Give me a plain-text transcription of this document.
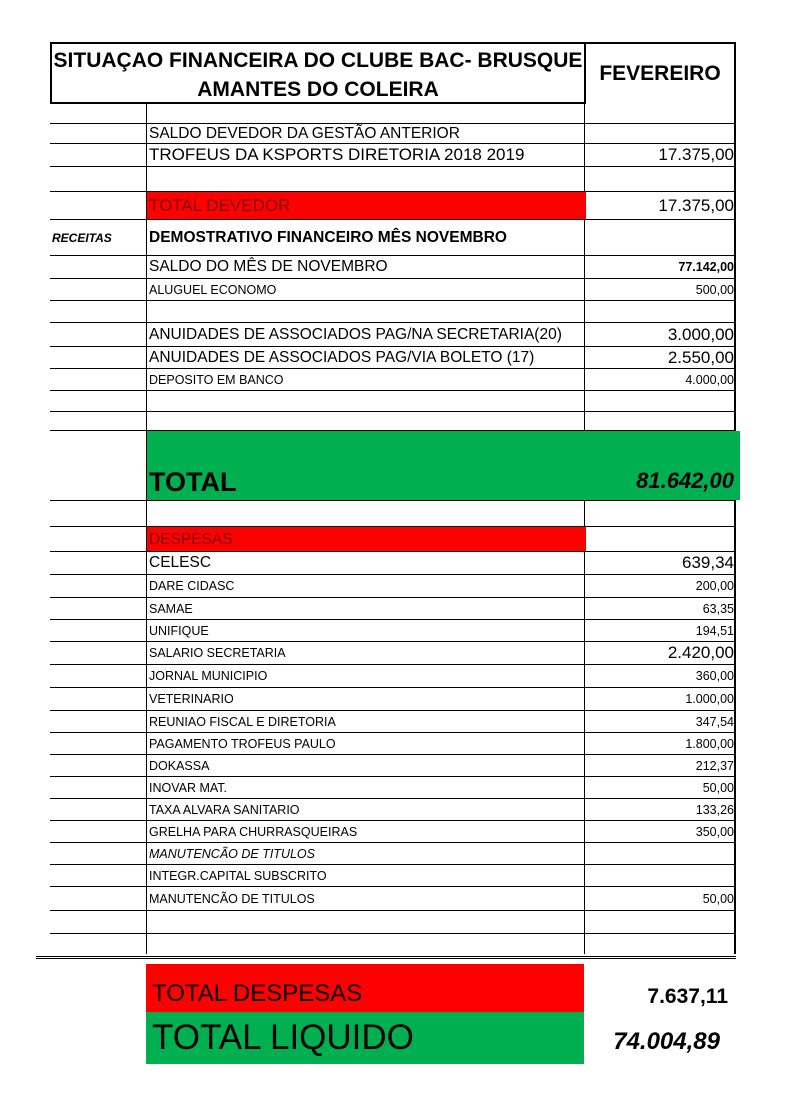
SITUAÇAO FINANCEIRA DO CLUBE BAC- BRUSQUE
AMANTES DO COLEIRA
FEVEREIRO
SALDO DEVEDOR DA GESTÃO ANTERIOR
TROFEUS DA KSPORTS DIRETORIA 2018 2019	17.375,00
TOTAL DEVEDOR	17.375,00
RECEITAS	DEMOSTRATIVO FINANCEIRO MÊS NOVEMBRO
SALDO DO MÊS DE NOVEMBRO	77.142,00
ALUGUEL ECONOMO	500,00
ANUIDADES DE ASSOCIADOS PAG/NA SECRETARIA(20)	3.000,00
ANUIDADES DE ASSOCIADOS PAG/VIA BOLETO (17)	2.550,00
DEPOSITO EM BANCO	4.000,00
TOTAL	81.642,00
DESPESAS
CELESC	639,34
DARE CIDASC	200,00
SAMAE	63,35
UNIFIQUE	194,51
SALARIO SECRETARIA	2.420,00
JORNAL MUNICIPIO	360,00
VETERINARIO	1.000,00
REUNIAO FISCAL E DIRETORIA	347,54
PAGAMENTO TROFEUS PAULO	1.800,00
DOKASSA	212,37
INOVAR MAT.	50,00
TAXA ALVARA SANITARIO	133,26
GRELHA PARA CHURRASQUEIRAS	350,00
MANUTENCÃO DE TITULOS
INTEGR.CAPITAL SUBSCRITO
MANUTENCÃO DE TITULOS	50,00
TOTAL DESPESAS	7.637,11
TOTAL LIQUIDO	74.004,89
